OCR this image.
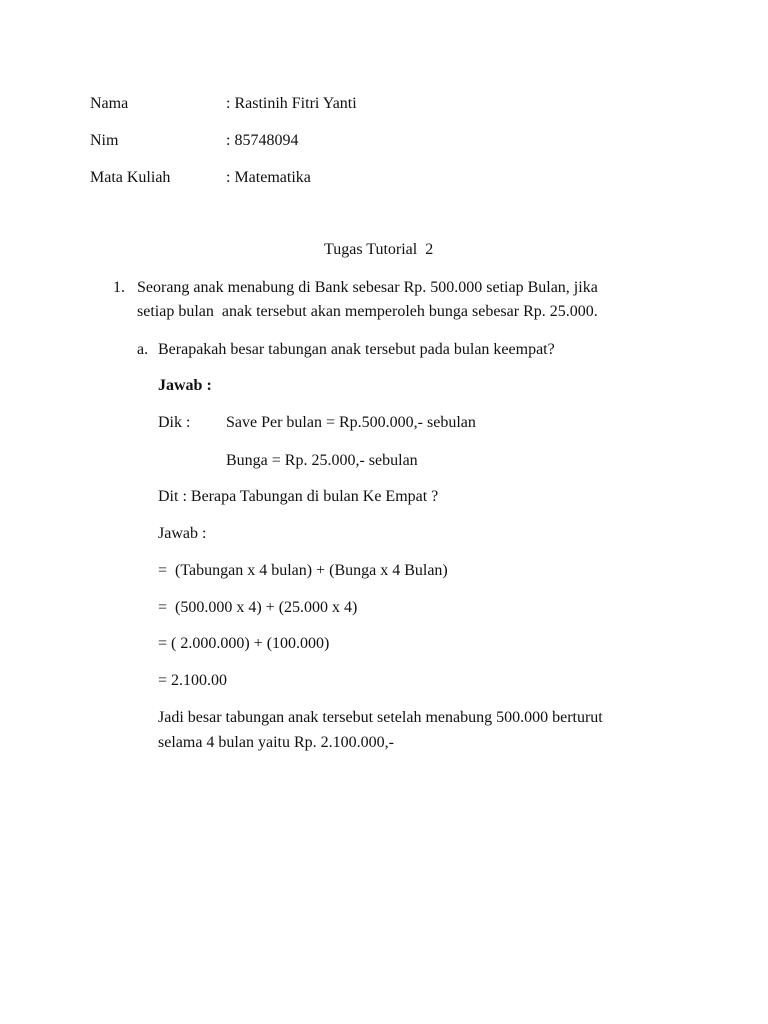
Nama	: Rastinih Fitri Yanti
Nim	: 85748094
Mata Kuliah	: Matematika
Tugas Tutorial  2
1. Seorang anak menabung di Bank sebesar Rp. 500.000 setiap Bulan, jika
setiap bulan  anak tersebut akan memperoleh bunga sebesar Rp. 25.000.
a. Berapakah besar tabungan anak tersebut pada bulan keempat?
Jawab :
Dik : Save Per bulan = Rp.500.000,- sebulan
Bunga = Rp. 25.000,- sebulan
Dit : Berapa Tabungan di bulan Ke Empat ?
Jawab :
=  (Tabungan x 4 bulan) + (Bunga x 4 Bulan)
=  (500.000 x 4) + (25.000 x 4)
= ( 2.000.000) + (100.000)
= 2.100.00
Jadi besar tabungan anak tersebut setelah menabung 500.000 berturut
selama 4 bulan yaitu Rp. 2.100.000,-
